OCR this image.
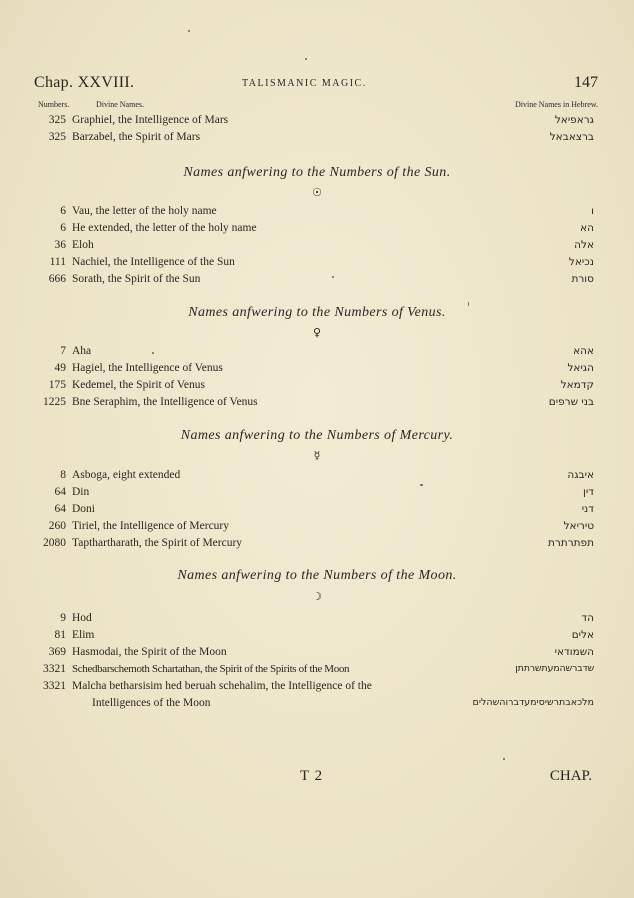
Chap. XXVIII.	TALISMANIC MAGIC.	147
Numbers.	Divine Names.	Divine Names in Hebrew.
325 Graphiel, the Intelligence of Mars	גראפיאל
325 Barzabel, the Spirit of Mars	ברצאבאל
Names anfwering to the Numbers of the Sun.
☉
6 Vau, the letter of the holy name	ו
6 He extended, the letter of the holy name	הא
36 Eloh	אלה
111 Nachiel, the Intelligence of the Sun	נכיאל
666 Sorath, the Spirit of the Sun	סורת
Names anfwering to the Numbers of Venus.
♀
7 Aha	אהא
49 Hagiel, the Intelligence of Venus	הגיאל
175 Kedemel, the Spirit of Venus	קדמאל
1225 Bne Seraphim, the Intelligence of Venus	בני שרפים
Names anfwering to the Numbers of Mercury.
☿
8 Asboga, eight extended	איבגה
64 Din	דין
64 Doni	דני
260 Tiriel, the Intelligence of Mercury	טיריאל
2080 Tapthartharath, the Spirit of Mercury	תפתרתרת
Names anfwering to the Numbers of the Moon.
☽
9 Hod	הד
81 Elim	אלים
369 Hasmodai, the Spirit of the Moon	השמודאי
3321 Schedbarschemoth Schartathan, the Spirit of the Spirits of the Moon	שדברשהמעתשרתתן
3321 Malcha betharsisim hed beruah schehalim, the Intelligence of the
Intelligences of the Moon	מלכאבתרשיסימעדברוהשהלים
T 2	CHAP.
